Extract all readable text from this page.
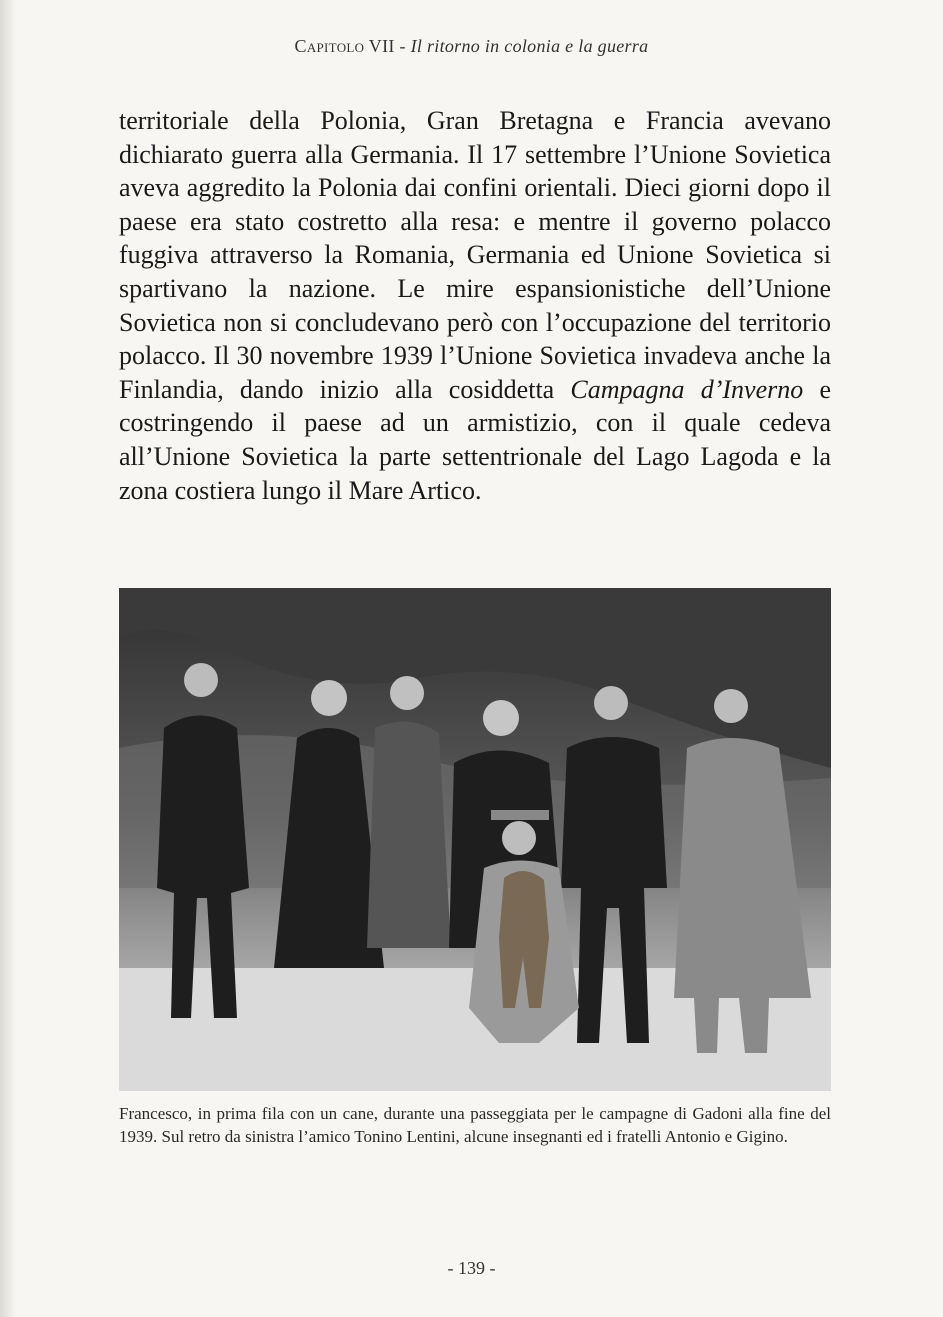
Capitolo VII - Il ritorno in colonia e la guerra

territoriale della Polonia, Gran Bretagna e Francia avevano dichiarato guerra alla Germania. Il 17 settembre l’Unione Sovietica aveva aggredito la Polonia dai confini orientali. Dieci giorni dopo il paese era stato costretto alla resa: e mentre il governo polacco fuggiva attraverso la Romania, Germania ed Unione Sovietica si spartivano la nazione. Le mire espansionistiche dell’Unione Sovietica non si concludevano però con l’occupazione del territorio polacco. Il 30 novembre 1939 l’Unione Sovietica invadeva anche la Finlandia, dando inizio alla cosiddetta Campagna d’Inverno e costringendo il paese ad un armistizio, con il quale cedeva all’Unione Sovietica la parte settentrionale del Lago Lagoda e la zona costiera lungo il Mare Artico.

Francesco, in prima fila con un cane, durante una passeggiata per le campagne di Gadoni alla fine del 1939. Sul retro da sinistra l’amico Tonino Lentini, alcune insegnanti ed i fratelli Antonio e Gigino.

- 139 -
